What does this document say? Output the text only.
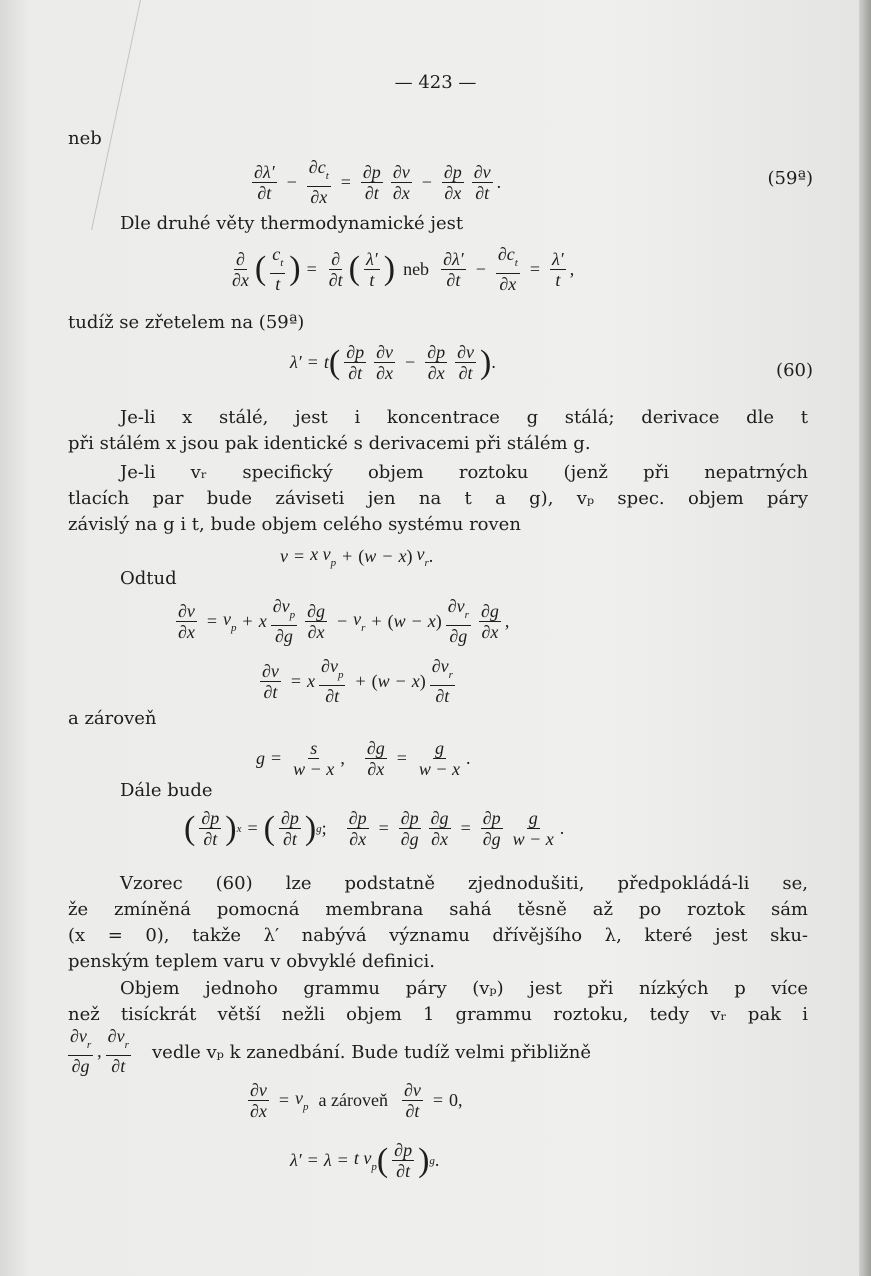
— 423 —
neb
$\frac{\partial\lambda'}{\partial t} - \frac{\partial c_t}{\partial x} = \frac{\partial p}{\partial t} \frac{\partial v}{\partial x} - \frac{\partial p}{\partial x} \frac{\partial v}{\partial t}$ .	(59ª)
Dle druhé věty thermodynamické jest
$\frac{\partial}{\partial x}$ ( $\frac{c_t}{t}$ ) = $\frac{\partial}{\partial t}$ ( $\frac{\lambda'}{t}$ ) neb $\frac{\partial\lambda'}{\partial t} - \frac{\partial c_t}{\partial x} = \frac{\lambda'}{t}$ ,
tudíž se zřetelem na (59ª)
λ′ = t ( $\frac{\partial p}{\partial t} \frac{\partial v}{\partial x} - \frac{\partial p}{\partial x} \frac{\partial v}{\partial t}$ ) .	(60)
Je-li x stálé, jest i koncentrace g stálá; derivace dle t
při stálém x jsou pak identické s derivacemi při stálém g.
Je-li vᵣ specifický objem roztoku (jenž při nepatrných
tlacích par bude záviseti jen na t a g), vₚ spec. objem páry
závislý na g i t, bude objem celého systému roven
v = x $v_p$ + ( w − x ) $v_r$ .
Odtud
$\frac{\partial v}{\partial x} = v_p + x \frac{\partial v_p}{\partial g} \frac{\partial g}{\partial x} - v_r$ + ( w − x ) $\frac{\partial v_r}{\partial g} \frac{\partial g}{\partial x}$ ,
$\frac{\partial v}{\partial t} = x \frac{\partial v_p}{\partial t}$ + ( w − x ) $\frac{\partial v_r}{\partial t}$
a zároveň
$g = \frac{s}{w - x}$ , $\frac{\partial g}{\partial x} = \frac{g}{w - x}$ .
Dále bude
( $\frac{\partial p}{\partial t}$ ) x = ( $\frac{\partial p}{\partial t}$ ) g ; $\frac{\partial p}{\partial x} = \frac{\partial p}{\partial g} \frac{\partial g}{\partial x} = \frac{\partial p}{\partial g} \frac{g}{w - x}$ .
Vzorec (60) lze podstatně zjednodušiti, předpokládá-li se,
že zmíněná pomocná membrana sahá těsně až po roztok sám
(x = 0), takže λ′ nabývá významu dřívějšího λ, které jest sku-
penským teplem varu v obvyklé definici.
Objem jednoho grammu páry (vₚ) jest při nízkých p více
než tisíckrát větší nežli objem 1 grammu roztoku, tedy vᵣ pak i
$\frac{\partial v_r}{\partial g}$ , $\frac{\partial v_r}{\partial t}$ vedle vₚ k zanedbání. Bude tudíž velmi přibližně
$\frac{\partial v}{\partial x} = v_p$ a zároveň $\frac{\partial v}{\partial t} = 0$,
λ′ = λ = t $v_p$ ( $\frac{\partial p}{\partial t}$ ) g .
